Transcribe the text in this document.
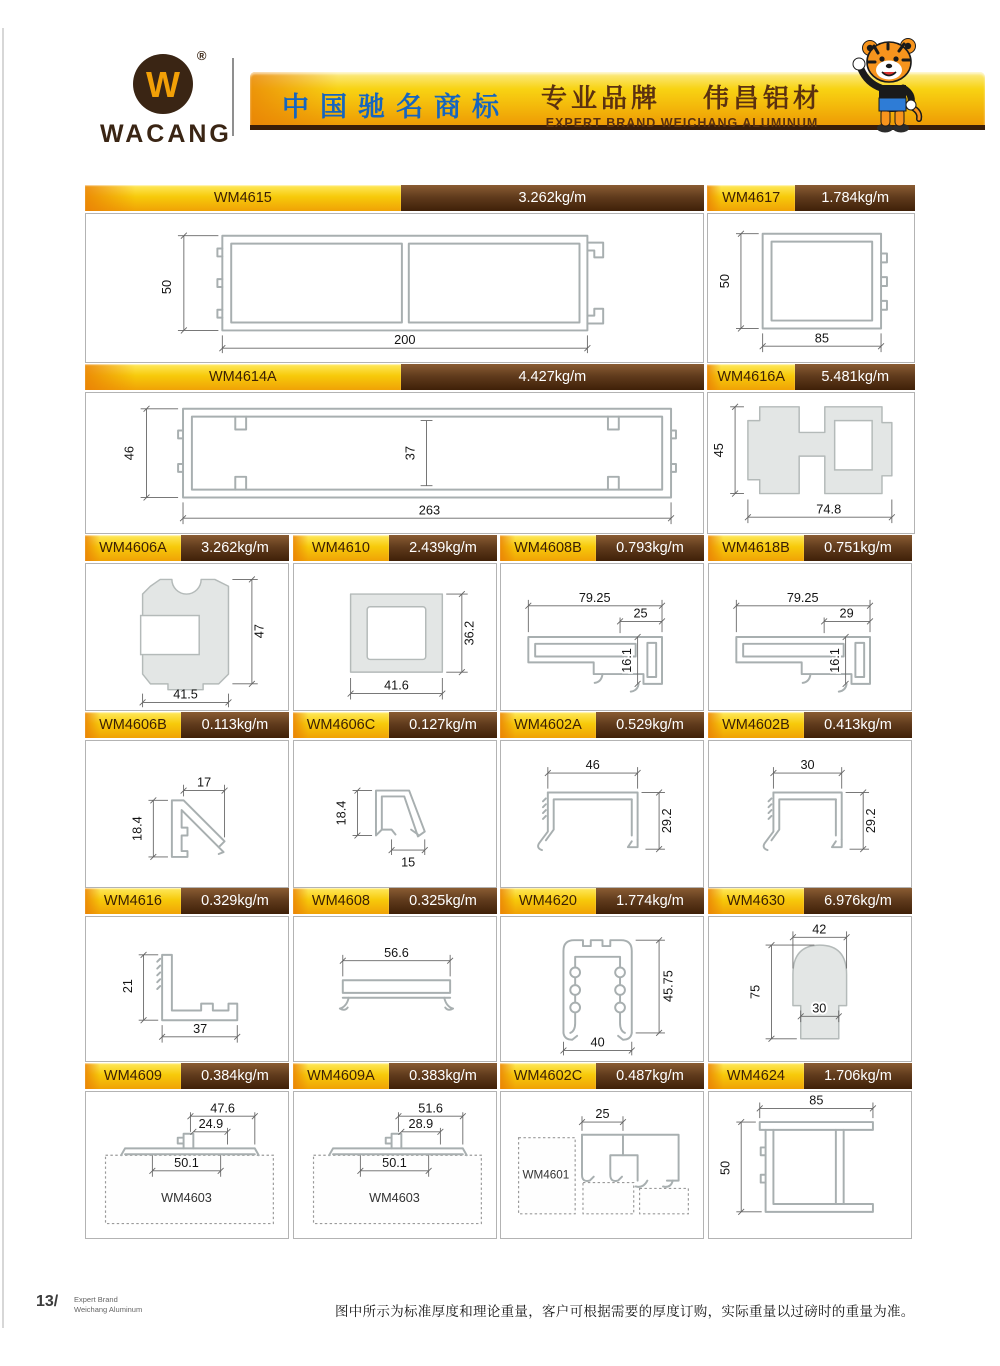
W
®
WACANG
中国驰名商标	专业品牌 伟昌铝材
EXPERT BRAND WEICHANG ALUMINUM
WM4615	3.262kg/m
50
200
WM4617	1.784kg/m
50
85
WM4614A	4.427kg/m
46	37
263
WM4616A	5.481kg/m
45
74.8
WM4606A	3.262kg/m
47
41.5
WM4610	2.439kg/m
36.2
41.6
WM4608B	0.793kg/m
79.25
25
16.1
WM4618B	0.751kg/m
79.25
29
16.1
WM4606B	0.113kg/m
17
18.4
WM4606C	0.127kg/m
18.4
15
WM4602A	0.529kg/m
46
29.2
WM4602B	0.413kg/m
30
29.2
WM4616	0.329kg/m
21
37
WM4608	0.325kg/m
56.6
WM4620	1.774kg/m
45.75
40
WM4630	6.976kg/m
42
75
30
WM4609	0.384kg/m
47.6
24.9
50.1
WM4603
WM4609A	0.383kg/m
51.6
28.9
50.1
WM4603
WM4602C	0.487kg/m
25
WM4601
WM4624	1.706kg/m
85
50
13/ Expert Brand
Weichang Aluminum	图中所示为标准厚度和理论重量，客户可根据需要的厚度订购，实际重量以过磅时的重量为准。
